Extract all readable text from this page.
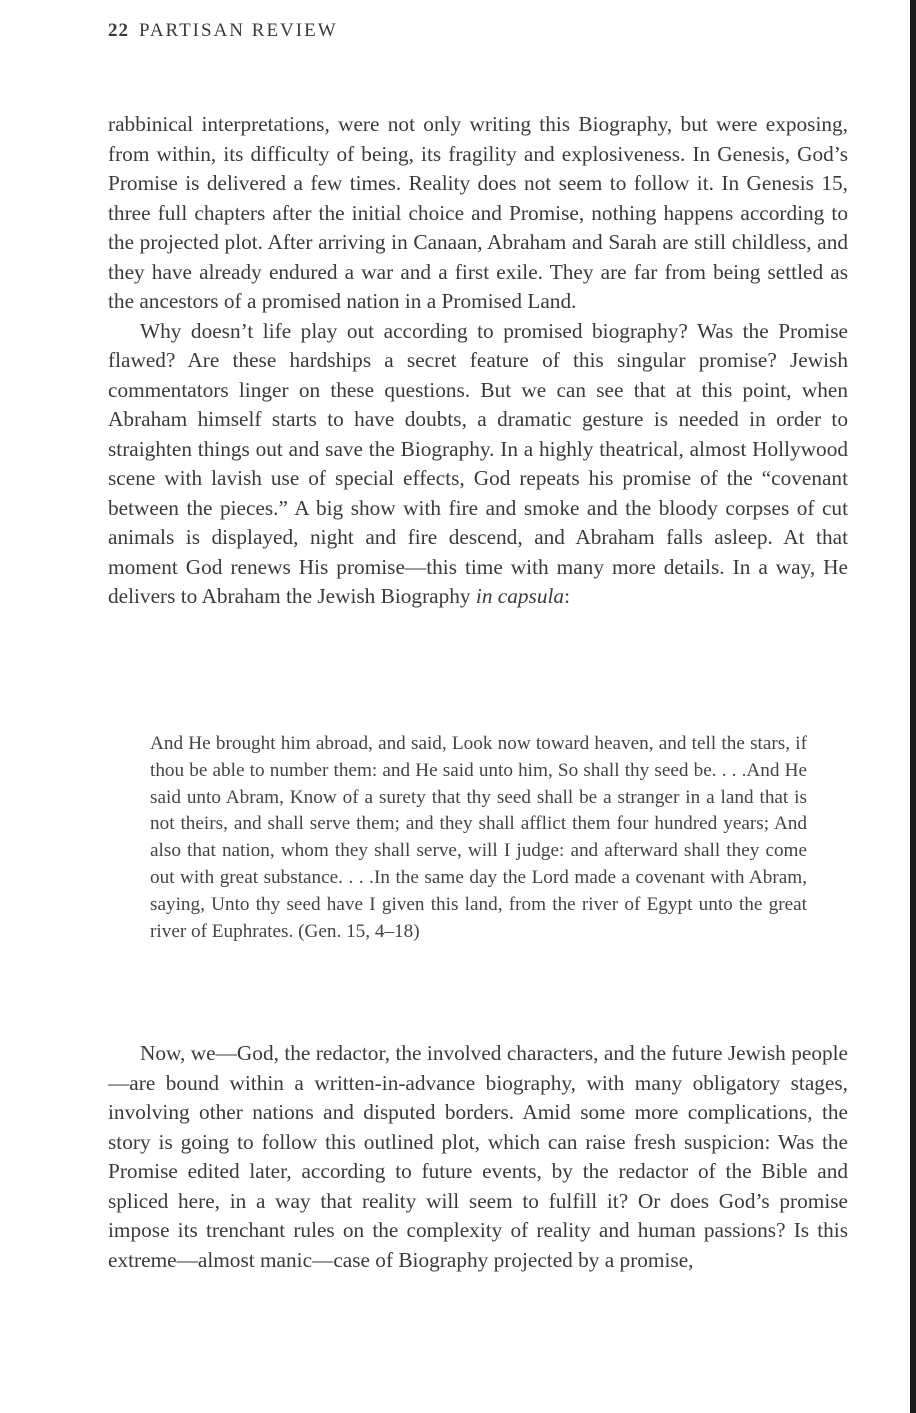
22 PARTISAN REVIEW

rabbinical interpretations, were not only writing this Biography, but were exposing, from within, its difficulty of being, its fragility and explosiveness. In Genesis, God’s Promise is delivered a few times. Reality does not seem to follow it. In Genesis 15, three full chapters after the initial choice and Promise, nothing happens according to the projected plot. After arriving in Canaan, Abraham and Sarah are still childless, and they have already endured a war and a first exile. They are far from being settled as the ancestors of a promised nation in a Promised Land.

Why doesn’t life play out according to promised biography? Was the Promise flawed? Are these hardships a secret feature of this singular promise? Jewish commentators linger on these questions. But we can see that at this point, when Abraham himself starts to have doubts, a dramatic gesture is needed in order to straighten things out and save the Biography. In a highly theatrical, almost Hollywood scene with lavish use of special effects, God repeats his promise of the “covenant between the pieces.” A big show with fire and smoke and the bloody corpses of cut animals is displayed, night and fire descend, and Abraham falls asleep. At that moment God renews His promise—this time with many more details. In a way, He delivers to Abraham the Jewish Biography in capsula:

And He brought him abroad, and said, Look now toward heaven, and tell the stars, if thou be able to number them: and He said unto him, So shall thy seed be. . . .And He said unto Abram, Know of a surety that thy seed shall be a stranger in a land that is not theirs, and shall serve them; and they shall afflict them four hundred years; And also that nation, whom they shall serve, will I judge: and afterward shall they come out with great substance. . . .In the same day the Lord made a covenant with Abram, saying, Unto thy seed have I given this land, from the river of Egypt unto the great river of Euphrates. (Gen. 15, 4–18)

Now, we—God, the redactor, the involved characters, and the future Jewish people—are bound within a written-in-advance biography, with many obligatory stages, involving other nations and disputed borders. Amid some more complications, the story is going to follow this outlined plot, which can raise fresh suspicion: Was the Promise edited later, according to future events, by the redactor of the Bible and spliced here, in a way that reality will seem to fulfill it? Or does God’s promise impose its trenchant rules on the complexity of reality and human passions? Is this extreme—almost manic—case of Biography projected by a promise,
